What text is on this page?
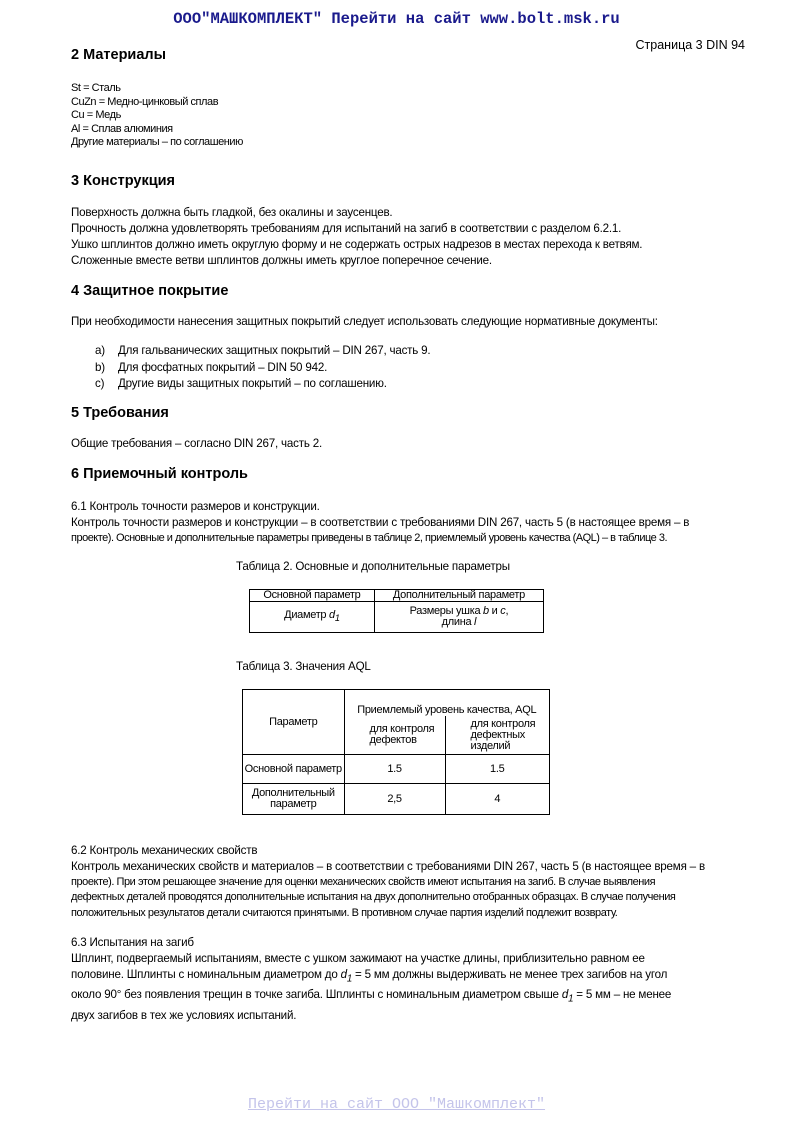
ООО"МАШКОМПЛЕКТ" Перейти на сайт www.bolt.msk.ru
Страница 3 DIN 94
2 Материалы
St = Сталь
CuZn = Медно-цинковый сплав
Cu = Медь
Al = Сплав алюминия
Другие материалы – по соглашению
3 Конструкция
Поверхность должна быть гладкой, без окалины и заусенцев.
Прочность должна удовлетворять требованиям для испытаний на загиб в соответствии с разделом 6.2.1.
Ушко шплинтов должно иметь округлую форму и не содержать острых надрезов в местах перехода к ветвям.
Сложенные вместе ветви шплинтов должны иметь круглое поперечное сечение.
4 Защитное покрытие
При необходимости нанесения защитных покрытий следует использовать следующие нормативные документы:
a)	Для гальванических защитных покрытий – DIN 267, часть 9.
b)	Для фосфатных покрытий – DIN 50 942.
c)	Другие виды защитных покрытий – по соглашению.
5 Требования
Общие требования – согласно DIN 267, часть 2.
6 Приемочный контроль
6.1 Контроль точности размеров и конструкции.
Контроль точности размеров и конструкции – в соответствии с требованиями DIN 267, часть 5 (в настоящее время – в
проекте). Основные и дополнительные параметры приведены в таблице 2, приемлемый уровень качества (AQL) – в таблице 3.
Таблица 2. Основные и дополнительные параметры
Основной параметр	Дополнительный параметр
Диаметр $d_1$	Размеры ушка b и c,
длина l
Таблица 3. Значения AQL
Параметр	Приемлемый уровень качества, AQL	
	для контроля дефектов	для контроля дефектных изделий
Основной параметр	1.5	1.5
Дополнительный параметр	2,5	4
6.2 Контроль механических свойств
Контроль механических свойств и материалов – в соответствии с требованиями DIN 267, часть 5 (в настоящее время – в
проекте). При этом решающее значение для оценки механических свойств имеют испытания на загиб. В случае выявления
дефектных деталей проводятся дополнительные испытания на двух дополнительно отобранных образцах. В случае получения
положительных результатов детали считаются принятыми. В противном случае партия изделий подлежит возврату.
6.3 Испытания на загиб
Шплинт, подвергаемый испытаниям, вместе с ушком зажимают на участке длины, приблизительно равном ее
половине. Шплинты с номинальным диаметром до $d_1 = 5$ мм должны выдерживать не менее трех загибов на угол
около 90° без появления трещин в точке загиба. Шплинты с номинальным диаметром свыше $d_1 = 5$ мм – не менее
двух загибов в тех же условиях испытаний.
Перейти на сайт ООО "Машкомплект"
